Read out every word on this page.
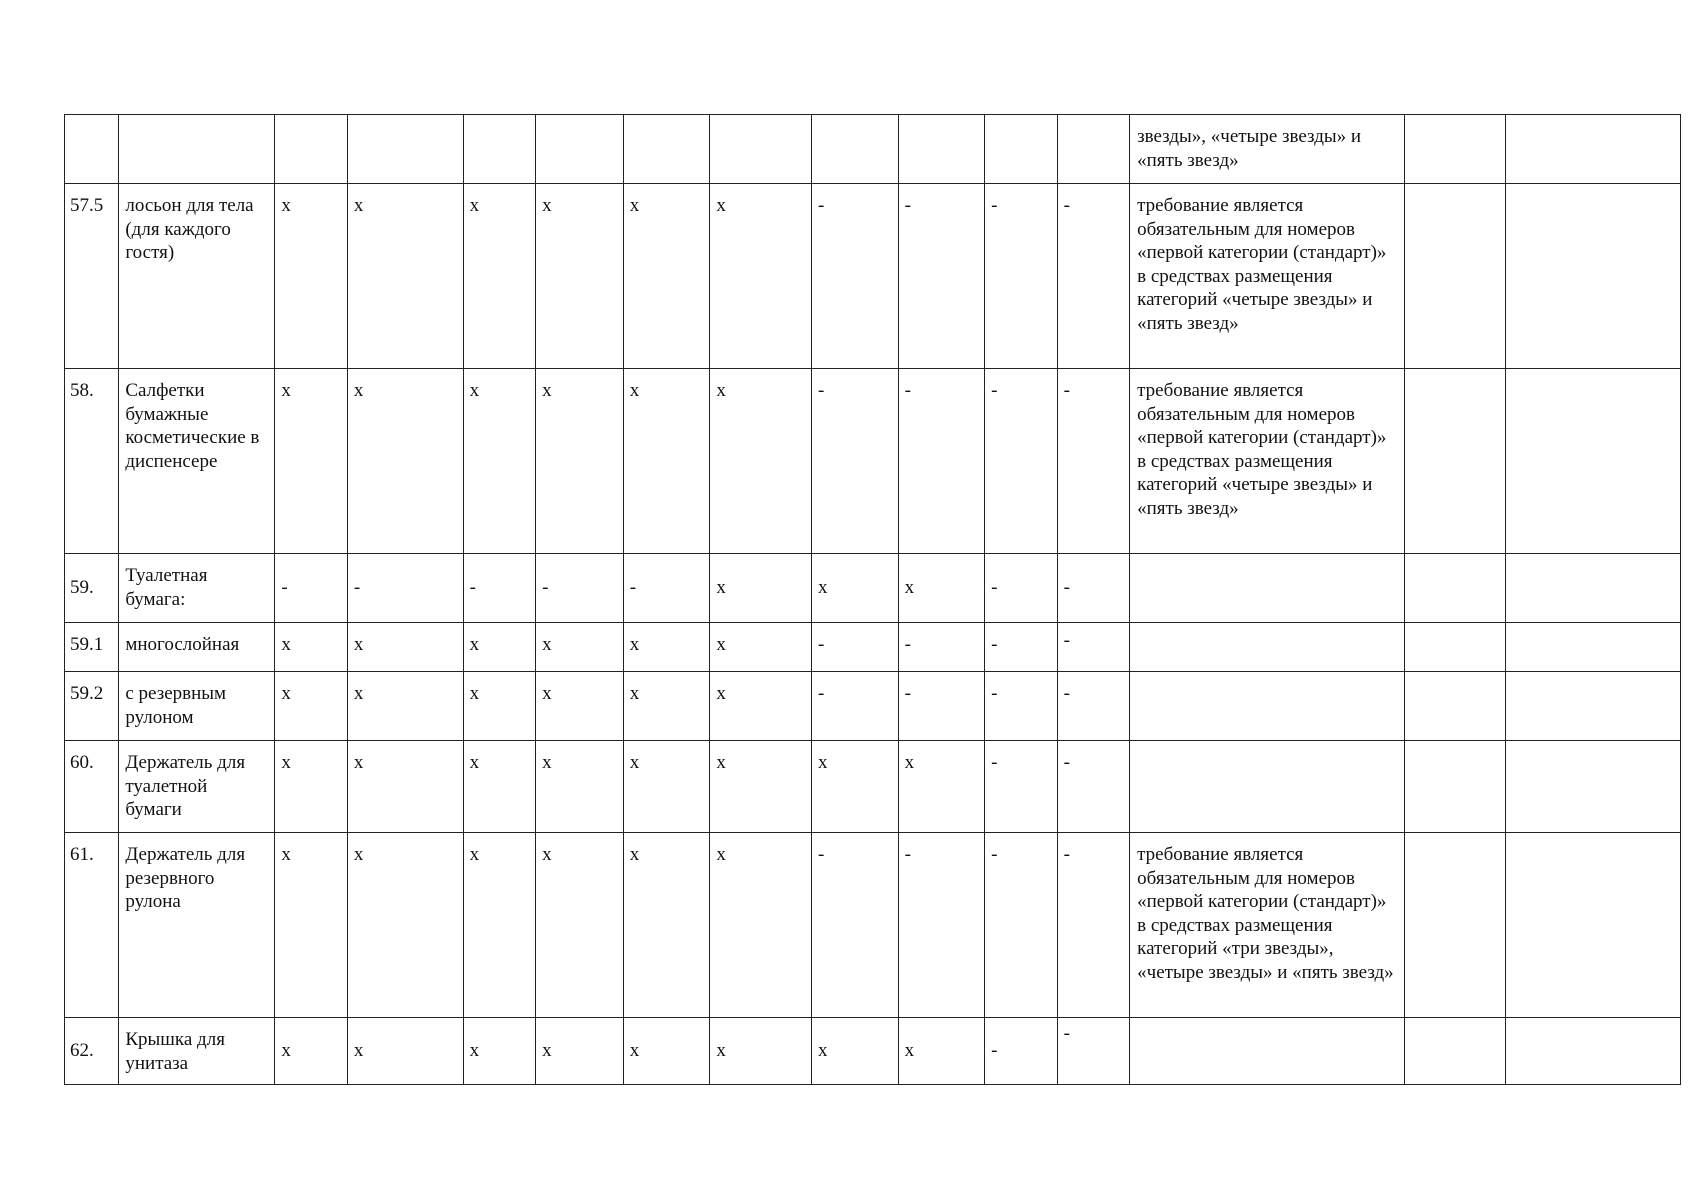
												звезды», «четыре звезды» и «пять звезд»		
57.5	лосьон для тела (для каждого гостя)	х	х	х	х	х	х	-	-	-	-	требование является обязательным для номеров «первой категории (стандарт)» в средствах размещения категорий «четыре звезды» и «пять звезд»		
58.	Салфетки бумажные косметические в диспенсере	х	х	х	х	х	х	-	-	-	-	требование является обязательным для номеров «первой категории (стандарт)» в средствах размещения категорий «четыре звезды» и «пять звезд»		
59.	Туалетная бумага:	-	-	-	-	-	х	х	х	-	-			
59.1	многослойная	х	х	х	х	х	х	-	-	-	-			
59.2	с резервным рулоном	х	х	х	х	х	х	-	-	-	-			
60.	Держатель для туалетной бумаги	х	х	х	х	х	х	х	х	-	-			
61.	Держатель для резервного рулона	х	х	х	х	х	х	-	-	-	-	требование является обязательным для номеров «первой категории (стандарт)» в средствах размещения категорий «три звезды», «четыре звезды» и «пять звезд»		
62.	Крышка для унитаза	х	х	х	х	х	х	х	х	-	-			
